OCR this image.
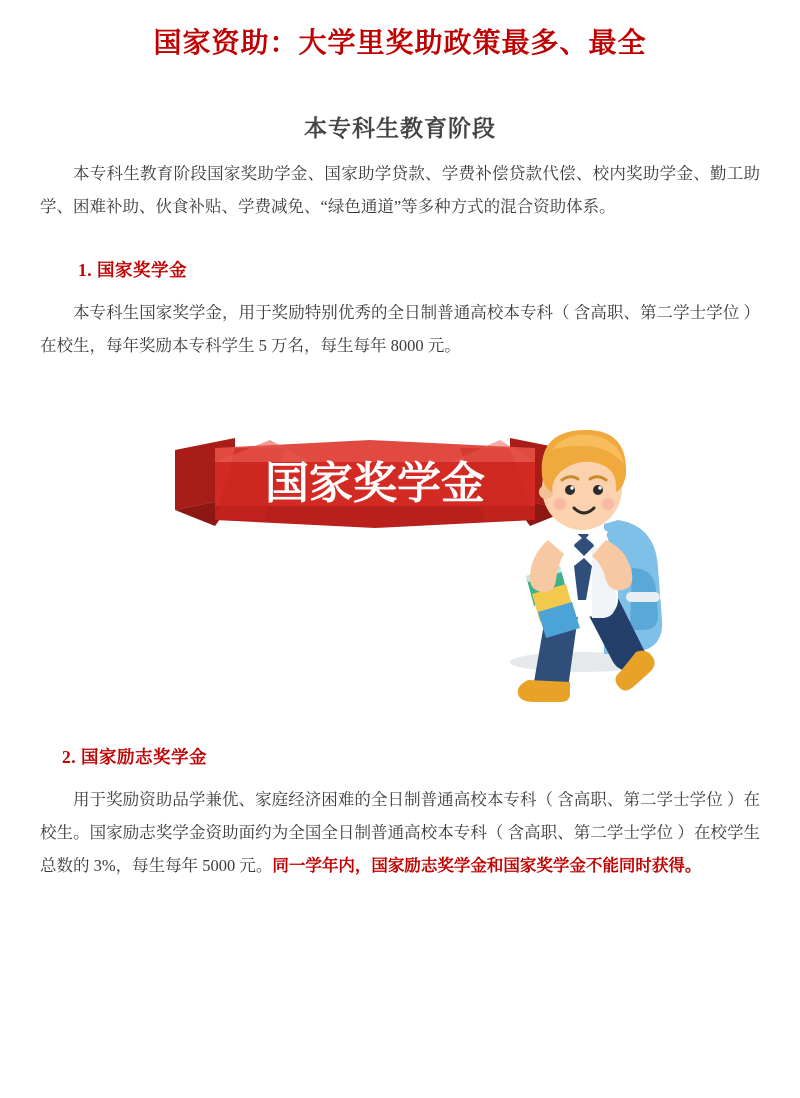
国家资助：大学里奖助政策最多、最全
本专科生教育阶段

本专科生教育阶段国家奖助学金、国家助学贷款、学费补偿贷款代偿、校内奖助学金、勤工助学、困难补助、伙食补贴、学费减免、“绿色通道”等多种方式的混合资助体系。

1. 国家奖学金

本专科生国家奖学金，用于奖励特别优秀的全日制普通高校本专科（ 含高职、第二学士学位 ）在校生，每年奖励本专科学生 5 万名，每生每年 8000 元。

国家奖学金
2. 国家励志奖学金

用于奖励资助品学兼优、家庭经济困难的全日制普通高校本专科（ 含高职、第二学士学位 ）在校生。国家励志奖学金资助面约为全国全日制普通高校本专科（ 含高职、第二学士学位 ）在校学生总数的 3%，每生每年 5000 元。同一学年内，国家励志奖学金和国家奖学金不能同时获得。
